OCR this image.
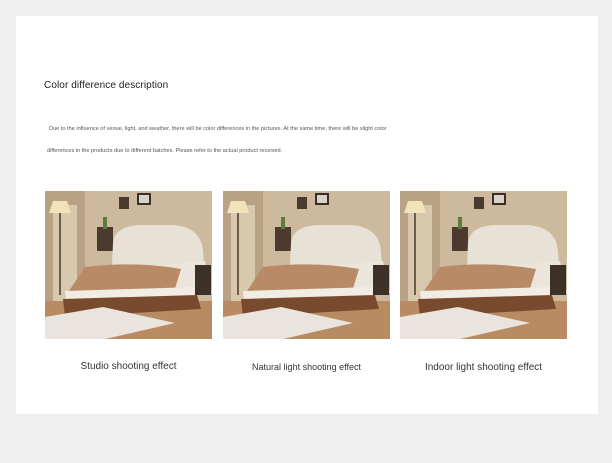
Color difference description
Due to the influence of venue, light, and weather, there will be color differences in the pictures. At the same time, there will be slight color
differences in the products due to different batches. Please refer to the actual product received.
Studio shooting effect	Natural light shooting effect	Indoor light shooting effect
